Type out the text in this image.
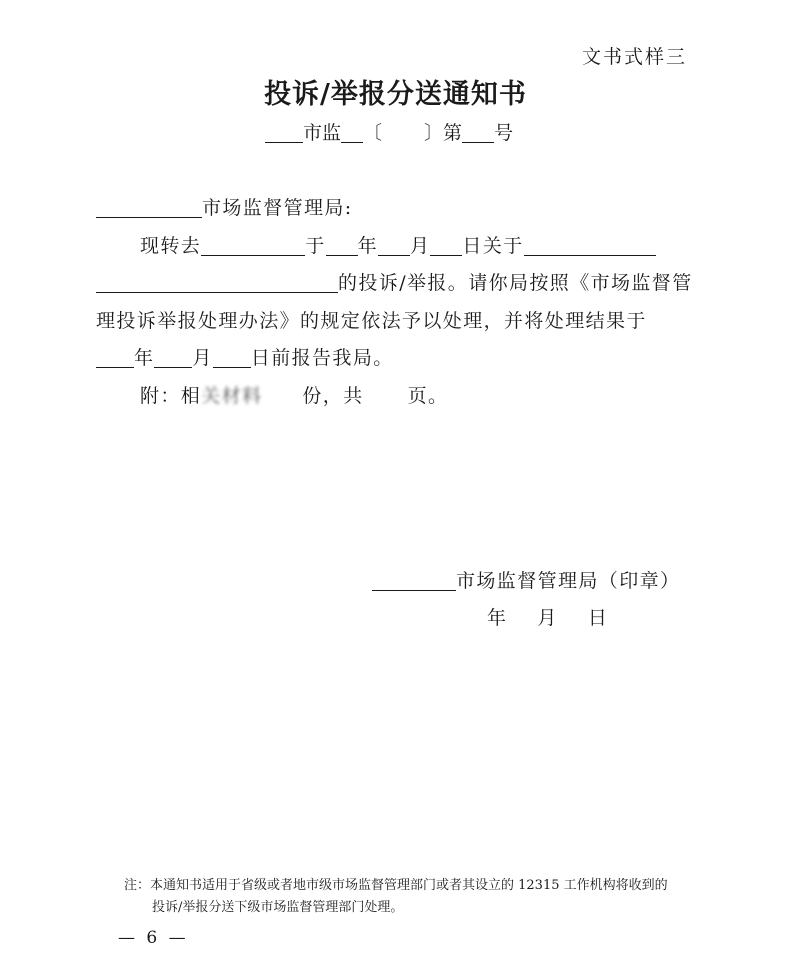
文书式样三
投诉/举报分送通知书
市监 〔 〕第 号
市场监督管理局:
现转去	于 年 月 日关于
的投诉/举报。请你局按照《市场监督管
理投诉举报处理办法》的规定依法予以处理，并将处理结果于
年 月 日前报告我局。
附：相关材料 份，共 页。
市场监督管理局（印章）
年 月 日
注：本通知书适用于省级或者地市级市场监督管理部门或者其设立的 12315 工作机构将收到的
投诉/举报分送下级市场监督管理部门处理。
— 6 —
